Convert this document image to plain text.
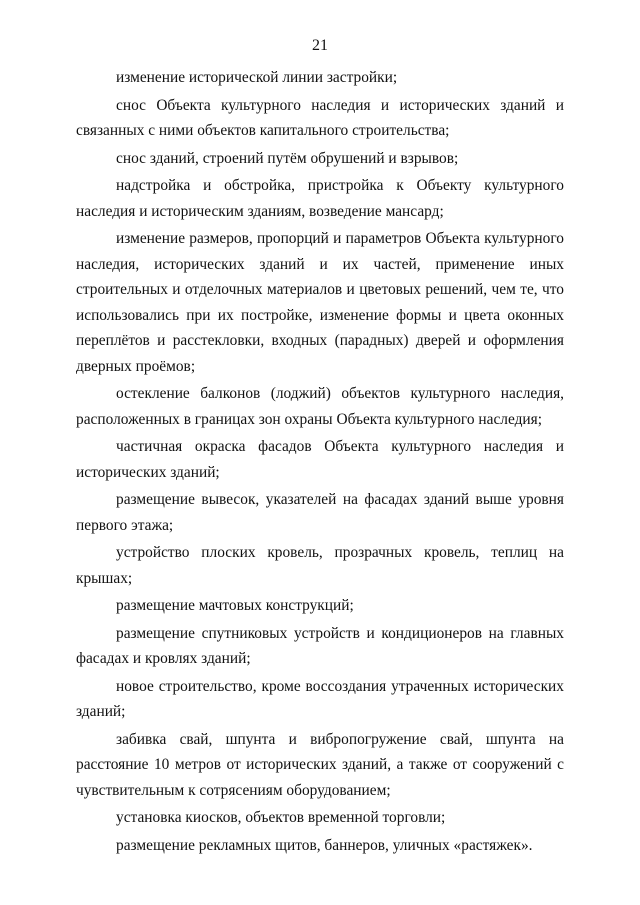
21

изменение исторической линии застройки;

снос Объекта культурного наследия и исторических зданий и связанных с ними объектов капитального строительства;

снос зданий, строений путём обрушений и взрывов;

надстройка и обстройка, пристройка к Объекту культурного наследия и историческим зданиям, возведение мансард;

изменение размеров, пропорций и параметров Объекта культурного наследия, исторических зданий и их частей, применение иных строительных и отделочных материалов и цветовых решений, чем те, что использовались при их постройке, изменение формы и цвета оконных переплётов и расстекловки, входных (парадных) дверей и оформления дверных проёмов;

остекление балконов (лоджий) объектов культурного наследия, расположенных в границах зон охраны Объекта культурного наследия;

частичная окраска фасадов Объекта культурного наследия и исторических зданий;

размещение вывесок, указателей на фасадах зданий выше уровня первого этажа;

устройство плоских кровель, прозрачных кровель, теплиц на крышах;

размещение мачтовых конструкций;

размещение спутниковых устройств и кондиционеров на главных фасадах и кровлях зданий;

новое строительство, кроме воссоздания утраченных исторических зданий;

забивка свай, шпунта и вибропогружение свай, шпунта на расстояние 10 метров от исторических зданий, а также от сооружений с чувствительным к сотрясениям оборудованием;

установка киосков, объектов временной торговли;

размещение рекламных щитов, баннеров, уличных «растяжек».
